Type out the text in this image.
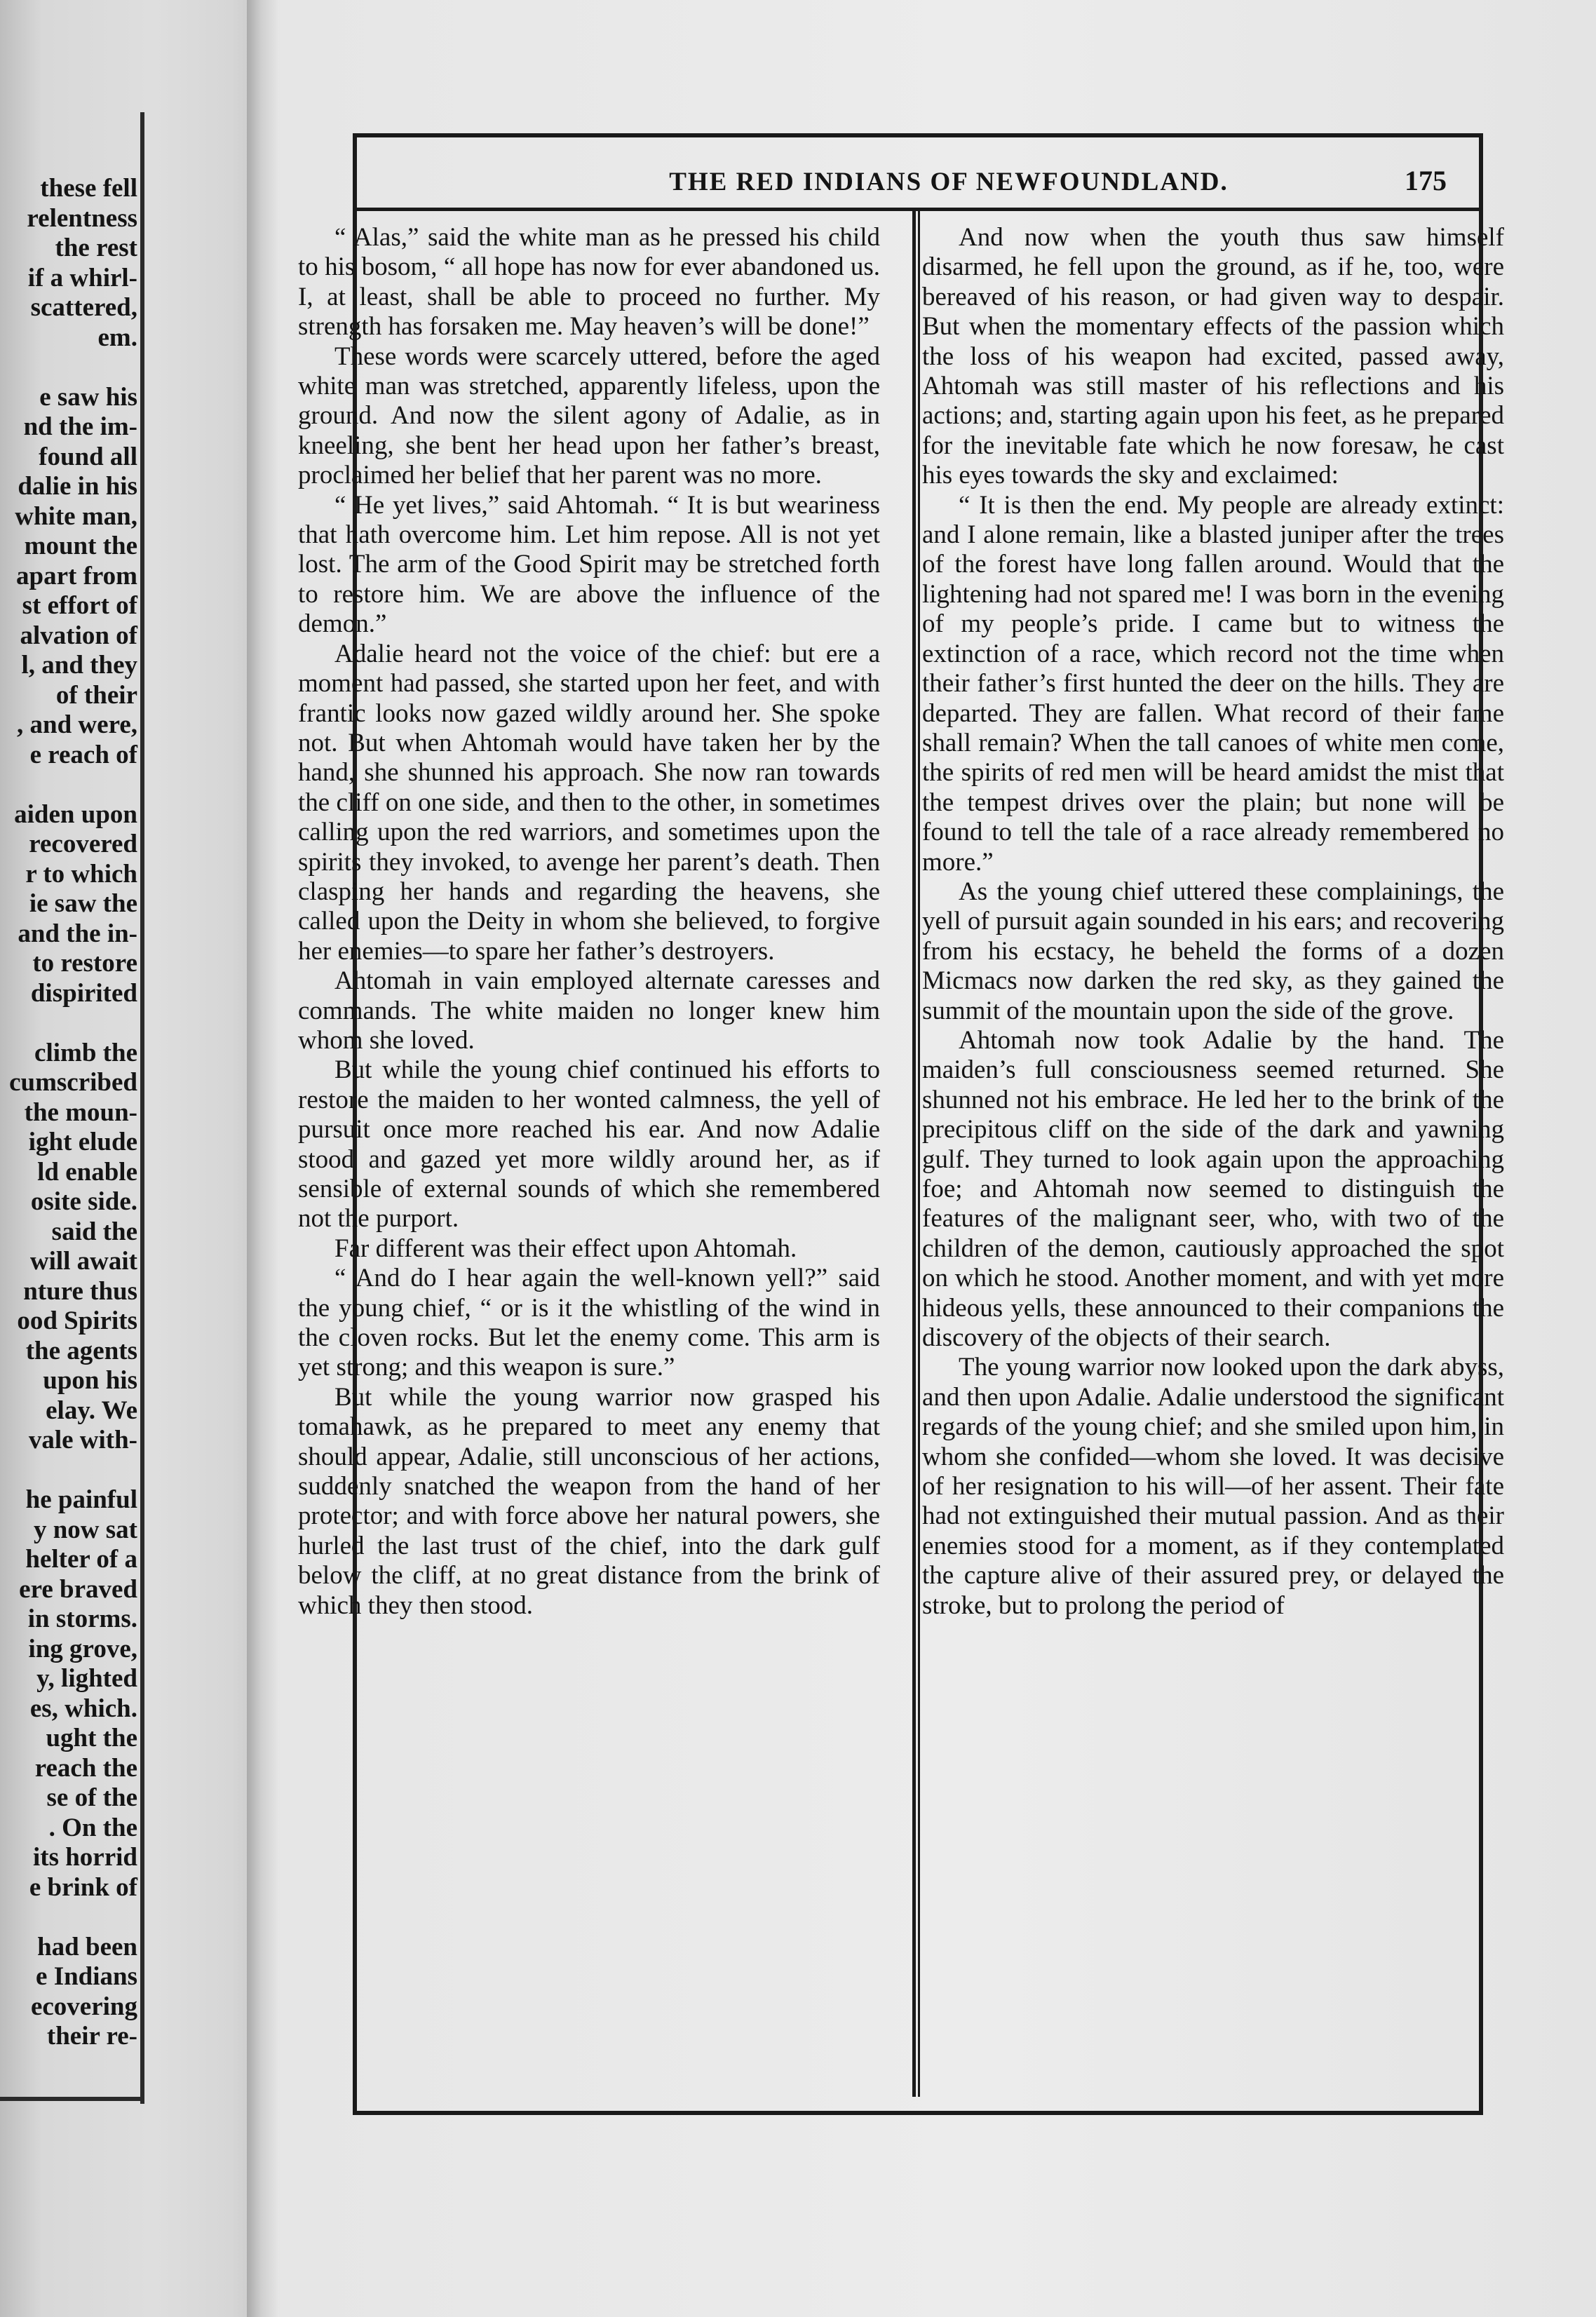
these fell
relentness
the rest
if a whirl-
scattered,
em.
e saw his
nd the im-
found all
dalie in his
white man,
mount the
apart from
st effort of
alvation of
l, and they
of their
, and were,
e reach of
aiden upon
recovered
r to which
ie saw the
and the in-
to restore
dispirited
climb the
cumscribed
the moun-
ight elude
ld enable
osite side.
said the
will await
nture thus
ood Spirits
the agents
upon his
elay. We
vale with-
he painful
y now sat
helter of a
ere braved
in storms.
ing grove,
y, lighted
es, which.
ught the
reach the
se of the
. On the
its horrid
e brink of
had been
e Indians
ecovering
their re-
THE RED INDIANS OF NEWFOUNDLAND.	175

“ Alas,” said the white man as he pressed his child to his bosom, “ all hope has now for ever abandoned us. I, at least, shall be able to proceed no further. My strength has forsaken me. May heaven’s will be done!”

These words were scarcely uttered, before the aged white man was stretched, apparently lifeless, upon the ground. And now the silent agony of Adalie, as in kneeling, she bent her head upon her father’s breast, proclaimed her belief that her parent was no more.

“ He yet lives,” said Ahtomah. “ It is but weariness that hath overcome him. Let him repose. All is not yet lost. The arm of the Good Spirit may be stretched forth to restore him. We are above the influence of the demon.”

Adalie heard not the voice of the chief: but ere a moment had passed, she started upon her feet, and with frantic looks now gazed wildly around her. She spoke not. But when Ahtomah would have taken her by the hand, she shunned his approach. She now ran towards the cliff on one side, and then to the other, in sometimes calling upon the red warriors, and sometimes upon the spirits they invoked, to avenge her parent’s death. Then clasping her hands and regarding the heavens, she called upon the Deity in whom she believed, to forgive her enemies—to spare her father’s destroyers.

Ahtomah in vain employed alternate caresses and commands. The white maiden no longer knew him whom she loved.

But while the young chief continued his efforts to restore the maiden to her wonted calmness, the yell of pursuit once more reached his ear. And now Adalie stood and gazed yet more wildly around her, as if sensible of external sounds of which she remembered not the purport.

Far different was their effect upon Ahtomah.

“ And do I hear again the well-known yell?” said the young chief, “ or is it the whistling of the wind in the cloven rocks. But let the enemy come. This arm is yet strong; and this weapon is sure.”

But while the young warrior now grasped his tomahawk, as he prepared to meet any enemy that should appear, Adalie, still unconscious of her actions, suddenly snatched the weapon from the hand of her protector; and with force above her natural powers, she hurled the last trust of the chief, into the dark gulf below the cliff, at no great distance from the brink of which they then stood.

And now when the youth thus saw himself disarmed, he fell upon the ground, as if he, too, were bereaved of his reason, or had given way to despair. But when the momentary effects of the passion which the loss of his weapon had excited, passed away, Ahtomah was still master of his reflections and his actions; and, starting again upon his feet, as he prepared for the inevitable fate which he now foresaw, he cast his eyes towards the sky and exclaimed:

“ It is then the end. My people are already extinct: and I alone remain, like a blasted juniper after the trees of the forest have long fallen around. Would that the lightening had not spared me! I was born in the evening of my people’s pride. I came but to witness the extinction of a race, which record not the time when their father’s first hunted the deer on the hills. They are departed. They are fallen. What record of their fame shall remain? When the tall canoes of white men come, the spirits of red men will be heard amidst the mist that the tempest drives over the plain; but none will be found to tell the tale of a race already remembered no more.”

As the young chief uttered these complainings, the yell of pursuit again sounded in his ears; and recovering from his ecstacy, he beheld the forms of a dozen Micmacs now darken the red sky, as they gained the summit of the mountain upon the side of the grove.

Ahtomah now took Adalie by the hand. The maiden’s full consciousness seemed returned. She shunned not his embrace. He led her to the brink of the precipitous cliff on the side of the dark and yawning gulf. They turned to look again upon the approaching foe; and Ahtomah now seemed to distinguish the features of the malignant seer, who, with two of the children of the demon, cautiously approached the spot on which he stood. Another moment, and with yet more hideous yells, these announced to their companions the discovery of the objects of their search.

The young warrior now looked upon the dark abyss, and then upon Adalie. Adalie understood the significant regards of the young chief; and she smiled upon him, in whom she confided—whom she loved. It was decisive of her resignation to his will—of her assent. Their fate had not extinguished their mutual passion. And as their enemies stood for a moment, as if they contemplated the capture alive of their assured prey, or delayed the stroke, but to prolong the period of
